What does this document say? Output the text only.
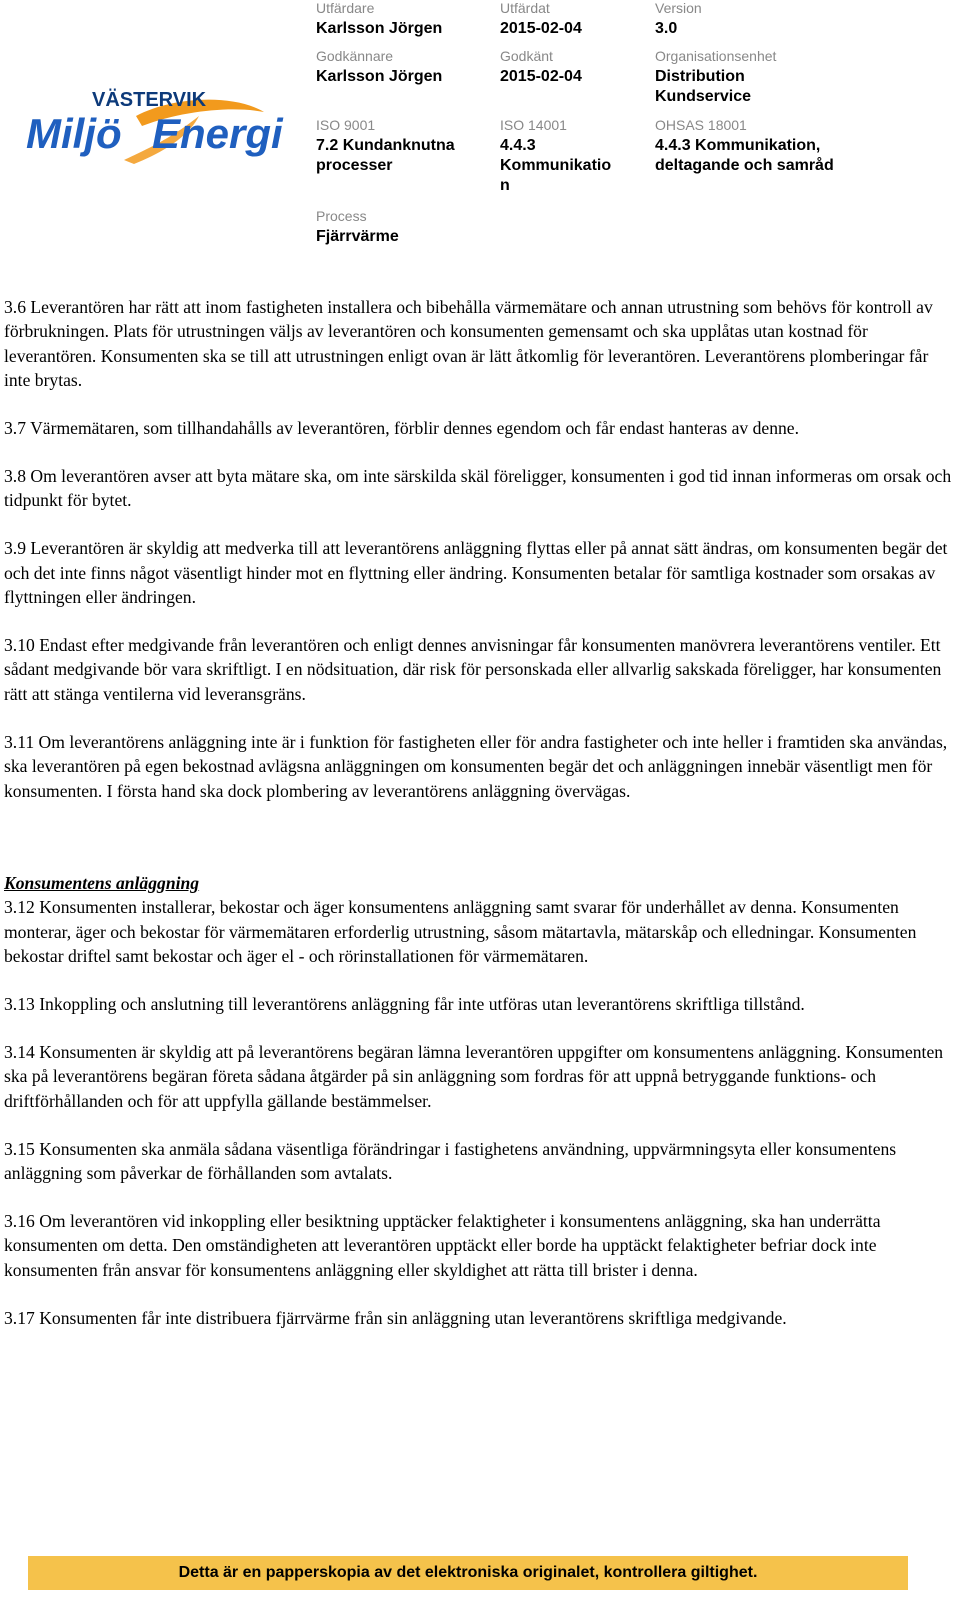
VÄSTERVIK
Miljö Energi
Utfärdare
Karlsson Jörgen
Utfärdat
2015-02-04
Version
3.0
Godkännare
Karlsson Jörgen
Godkänt
2015-02-04
Organisationsenhet
Distribution
Kundservice
ISO 9001
7.2 Kundanknutna
processer
ISO 14001
4.4.3
Kommunikatio
n
OHSAS 18001
4.4.3 Kommunikation,
deltagande och samråd
Process
Fjärrvärme

3.6 Leverantören har rätt att inom fastigheten installera och bibehålla värmemätare och annan utrustning som behövs för kontroll av förbrukningen. Plats för utrustningen väljs av leverantören och konsumenten gemensamt och ska upplåtas utan kostnad för leverantören. Konsumenten ska se till att utrustningen enligt ovan är lätt åtkomlig för leverantören. Leverantörens plomberingar får inte brytas.

3.7 Värmemätaren, som tillhandahålls av leverantören, förblir dennes egendom och får endast hanteras av denne.

3.8 Om leverantören avser att byta mätare ska, om inte särskilda skäl föreligger, konsumenten i god tid innan informeras om orsak och tidpunkt för bytet.

3.9 Leverantören är skyldig att medverka till att leverantörens anläggning flyttas eller på annat sätt ändras, om konsumenten begär det och det inte finns något väsentligt hinder mot en flyttning eller ändring. Konsumenten betalar för samtliga kostnader som orsakas av flyttningen eller ändringen.

3.10 Endast efter medgivande från leverantören och enligt dennes anvisningar får konsumenten manövrera leverantörens ventiler. Ett sådant medgivande bör vara skriftligt. I en nödsituation, där risk för personskada eller allvarlig sakskada föreligger, har konsumenten rätt att stänga ventilerna vid leveransgräns.

3.11 Om leverantörens anläggning inte är i funktion för fastigheten eller för andra fastigheter och inte heller i framtiden ska användas, ska leverantören på egen bekostnad avlägsna anläggningen om konsumenten begär det och anläggningen innebär väsentligt men för konsumenten. I första hand ska dock plombering av leverantörens anläggning övervägas.

Konsumentens anläggning

3.12 Konsumenten installerar, bekostar och äger konsumentens anläggning samt svarar för underhållet av denna. Konsumenten monterar, äger och bekostar för värmemätaren erforderlig utrustning, såsom mätartavla, mätarskåp och elledningar. Konsumenten bekostar driftel samt bekostar och äger el - och rörinstallationen för värmemätaren.

3.13 Inkoppling och anslutning till leverantörens anläggning får inte utföras utan leverantörens skriftliga tillstånd.

3.14 Konsumenten är skyldig att på leverantörens begäran lämna leverantören uppgifter om konsumentens anläggning. Konsumenten ska på leverantörens begäran företa sådana åtgärder på sin anläggning som fordras för att uppnå betryggande funktions- och driftförhållanden och för att uppfylla gällande bestämmelser.

3.15 Konsumenten ska anmäla sådana väsentliga förändringar i fastighetens användning, uppvärmningsyta eller konsumentens anläggning som påverkar de förhållanden som avtalats.

3.16 Om leverantören vid inkoppling eller besiktning upptäcker felaktigheter i konsumentens anläggning, ska han underrätta konsumenten om detta. Den omständigheten att leverantören upptäckt eller borde ha upptäckt felaktigheter befriar dock inte konsumenten från ansvar för konsumentens anläggning eller skyldighet att rätta till brister i denna.

3.17 Konsumenten får inte distribuera fjärrvärme från sin anläggning utan leverantörens skriftliga medgivande.

Detta är en papperskopia av det elektroniska originalet, kontrollera giltighet.
